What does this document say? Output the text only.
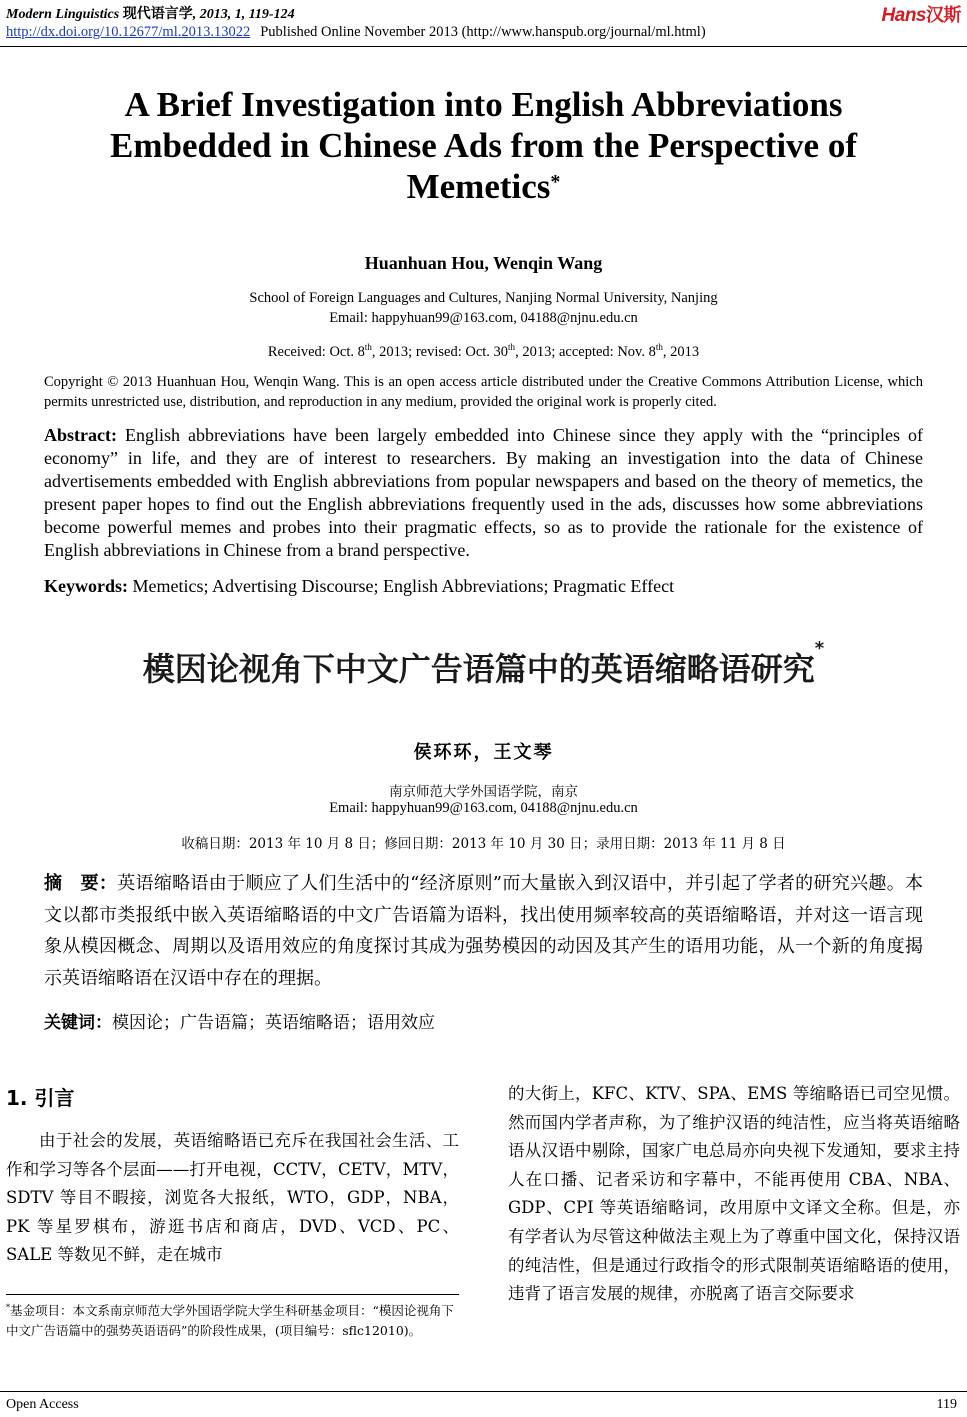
Modern Linguistics 现代语言学, 2013, 1, 119-124
http://dx.doi.org/10.12677/ml.2013.13022 Published Online November 2013 (http://www.hanspub.org/journal/ml.html)
Hans汉斯
A Brief Investigation into English Abbreviations
Embedded in Chinese Ads from the Perspective of
Memetics*
Huanhuan Hou, Wenqin Wang
School of Foreign Languages and Cultures, Nanjing Normal University, Nanjing
Email: happyhuan99@163.com, 04188@njnu.edu.cn
Received: Oct. 8th, 2013; revised: Oct. 30th, 2013; accepted: Nov. 8th, 2013
Copyright © 2013 Huanhuan Hou, Wenqin Wang. This is an open access article distributed under the Creative Commons Attribution License, which permits unrestricted use, distribution, and reproduction in any medium, provided the original work is properly cited.
Abstract: English abbreviations have been largely embedded into Chinese since they apply with the “principles of economy” in life, and they are of interest to researchers. By making an investigation into the data of Chinese advertisements embedded with English abbreviations from popular newspapers and based on the theory of memetics, the present paper hopes to find out the English abbreviations frequently used in the ads, discusses how some abbreviations become powerful memes and probes into their pragmatic effects, so as to provide the rationale for the existence of English abbreviations in Chinese from a brand perspective.
Keywords: Memetics; Advertising Discourse; English Abbreviations; Pragmatic Effect
模因论视角下中文广告语篇中的英语缩略语研究*
侯环环，王文琴
南京师范大学外国语学院，南京
Email: happyhuan99@163.com, 04188@njnu.edu.cn
收稿日期：2013 年 10 月 8 日；修回日期：2013 年 10 月 30 日；录用日期：2013 年 11 月 8 日
摘　要：英语缩略语由于顺应了人们生活中的“经济原则”而大量嵌入到汉语中，并引起了学者的研究兴趣。本文以都市类报纸中嵌入英语缩略语的中文广告语篇为语料，找出使用频率较高的英语缩略语，并对这一语言现象从模因概念、周期以及语用效应的角度探讨其成为强势模因的动因及其产生的语用功能，从一个新的角度揭示英语缩略语在汉语中存在的理据。
关键词：模因论；广告语篇；英语缩略语；语用效应
1. 引言
由于社会的发展，英语缩略语已充斥在我国社会生活、工作和学习等各个层面——打开电视，CCTV，CETV，MTV，SDTV 等目不暇接，浏览各大报纸，WTO，GDP，NBA，PK 等星罗棋布，游逛书店和商店，DVD、VCD、PC、SALE 等数见不鲜，走在城市
的大街上，KFC、KTV、SPA、EMS 等缩略语已司空见惯。然而国内学者声称，为了维护汉语的纯洁性，应当将英语缩略语从汉语中剔除，国家广电总局亦向央视下发通知，要求主持人在口播、记者采访和字幕中，不能再使用 CBA、NBA、GDP、CPI 等英语缩略词，改用原中文译文全称。但是，亦有学者认为尽管这种做法主观上为了尊重中国文化，保持汉语的纯洁性，但是通过行政指令的形式限制英语缩略语的使用，违背了语言发展的规律，亦脱离了语言交际要求
*基金项目：本文系南京师范大学外国语学院大学生科研基金项目：“模因论视角下中文广告语篇中的强势英语语码”的阶段性成果，(项目编号：sflc12010)。
Open Access	119
